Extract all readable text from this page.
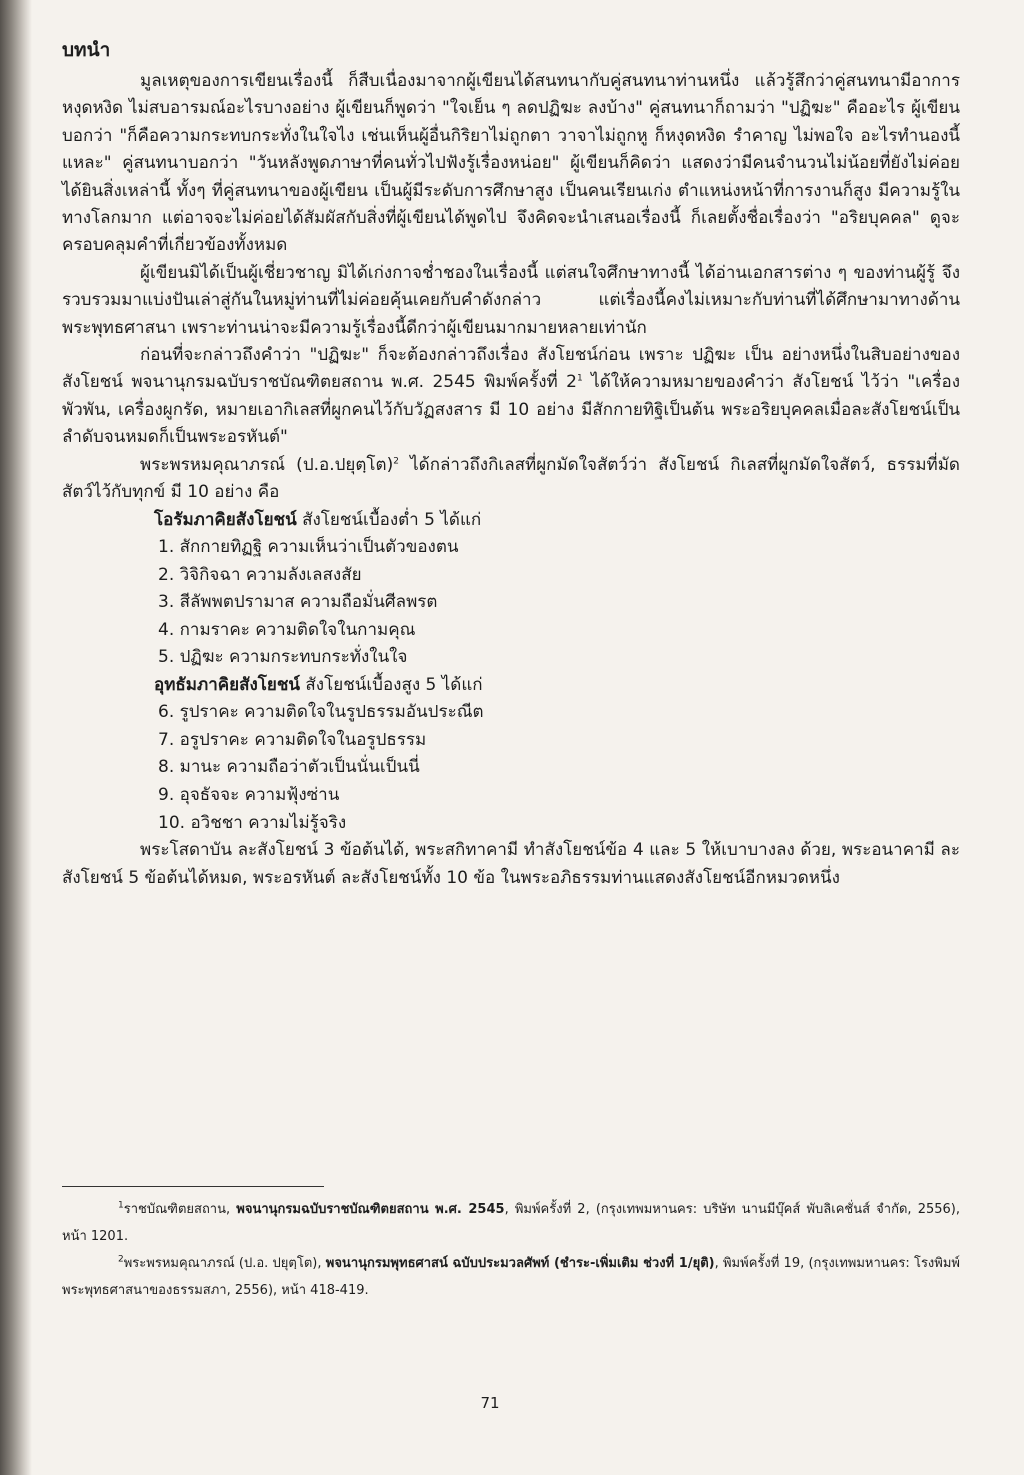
บทนำ

มูลเหตุของการเขียนเรื่องนี้ ก็สืบเนื่องมาจากผู้เขียนได้สนทนากับคู่สนทนาท่านหนึ่ง แล้วรู้สึกว่าคู่สนทนามีอาการหงุดหงิด ไม่สบอารมณ์อะไรบางอย่าง ผู้เขียนก็พูดว่า "ใจเย็น ๆ ลดปฏิฆะ ลงบ้าง" คู่สนทนาก็ถามว่า "ปฏิฆะ" คืออะไร ผู้เขียนบอกว่า "ก็คือความกระทบกระทั่งในใจไง เช่นเห็นผู้อื่นกิริยาไม่ถูกตา วาจาไม่ถูกหู ก็หงุดหงิด รำคาญ ไม่พอใจ อะไรทำนองนี้แหละ" คู่สนทนาบอกว่า "วันหลังพูดภาษาที่คนทั่วไปฟังรู้เรื่องหน่อย" ผู้เขียนก็คิดว่า แสดงว่ามีคนจำนวนไม่น้อยที่ยังไม่ค่อยได้ยินสิ่งเหล่านี้ ทั้งๆ ที่คู่สนทนาของผู้เขียน เป็นผู้มีระดับการศึกษาสูง เป็นคนเรียนเก่ง ตำแหน่งหน้าที่การงานก็สูง มีความรู้ในทางโลกมาก แต่อาจจะไม่ค่อยได้สัมผัสกับสิ่งที่ผู้เขียนได้พูดไป จึงคิดจะนำเสนอเรื่องนี้ ก็เลยตั้งชื่อเรื่องว่า "อริยบุคคล" ดูจะครอบคลุมคำที่เกี่ยวข้องทั้งหมด

ผู้เขียนมิได้เป็นผู้เชี่ยวชาญ มิได้เก่งกาจช่ำชองในเรื่องนี้ แต่สนใจศึกษาทางนี้ ได้อ่านเอกสารต่าง ๆ ของท่านผู้รู้ จึงรวบรวมมาแบ่งปันเล่าสู่กันในหมู่ท่านที่ไม่ค่อยคุ้นเคยกับคำดังกล่าว แต่เรื่องนี้คงไม่เหมาะกับท่านที่ได้ศึกษามาทางด้านพระพุทธศาสนา เพราะท่านน่าจะมีความรู้เรื่องนี้ดีกว่าผู้เขียนมากมายหลายเท่านัก

ก่อนที่จะกล่าวถึงคำว่า "ปฏิฆะ" ก็จะต้องกล่าวถึงเรื่อง สังโยชน์ก่อน เพราะ ปฏิฆะ เป็น อย่างหนึ่งในสิบอย่างของสังโยชน์ พจนานุกรมฉบับราชบัณฑิตยสถาน พ.ศ. 2545 พิมพ์ครั้งที่ $2^1$ ได้ให้ความหมายของคำว่า สังโยชน์ ไว้ว่า "เครื่องพัวพัน, เครื่องผูกรัด, หมายเอากิเลสที่ผูกคนไว้กับวัฏสงสาร มี 10 อย่าง มีสักกายทิฐิเป็นต้น พระอริยบุคคลเมื่อละสังโยชน์เป็นลำดับจนหมดก็เป็นพระอรหันต์"

พระพรหมคุณาภรณ์ (ป.อ.ปยุตฺโต)$^2$ ได้กล่าวถึงกิเลสที่ผูกมัดใจสัตว์ว่า สังโยชน์ กิเลสที่ผูกมัดใจสัตว์, ธรรมที่มัดสัตว์ไว้กับทุกข์ มี 10 อย่าง คือ

โอรัมภาคิยสังโยชน์ สังโยชน์เบื้องต่ำ 5 ได้แก่
1. สักกายทิฏฐิ ความเห็นว่าเป็นตัวของตน
2. วิจิกิจฉา ความลังเลสงสัย
3. สีลัพพตปรามาส ความถือมั่นศีลพรต
4. กามราคะ ความติดใจในกามคุณ
5. ปฏิฆะ ความกระทบกระทั่งในใจ
อุทธัมภาคิยสังโยชน์ สังโยชน์เบื้องสูง 5 ได้แก่
6. รูปราคะ ความติดใจในรูปธรรมอันประณีต
7. อรูปราคะ ความติดใจในอรูปธรรม
8. มานะ ความถือว่าตัวเป็นนั่นเป็นนี่
9. อุจธัจจะ ความฟุ้งซ่าน
10. อวิชชา ความไม่รู้จริง

พระโสดาบัน ละสังโยชน์ 3 ข้อต้นได้, พระสกิทาคามี ทำสังโยชน์ข้อ 4 และ 5 ให้เบาบางลง ด้วย, พระอนาคามี ละสังโยชน์ 5 ข้อต้นได้หมด, พระอรหันต์ ละสังโยชน์ทั้ง 10 ข้อ ในพระอภิธรรมท่านแสดงสังโยชน์อีกหมวดหนึ่ง

$^1$ราชบัณฑิตยสถาน, พจนานุกรมฉบับราชบัณฑิตยสถาน พ.ศ. 2545, พิมพ์ครั้งที่ 2, (กรุงเทพมหานคร: บริษัท นานมีบุ๊คส์ พับลิเคชั่นส์ จำกัด, 2556), หน้า 1201.

$^2$พระพรหมคุณาภรณ์ (ป.อ. ปยุตฺโต), พจนานุกรมพุทธศาสน์ ฉบับประมวลศัพท์ (ชำระ-เพิ่มเติม ช่วงที่ 1/ยุติ), พิมพ์ครั้งที่ 19, (กรุงเทพมหานคร: โรงพิมพ์พระพุทธศาสนาของธรรมสภา, 2556), หน้า 418-419.

71
